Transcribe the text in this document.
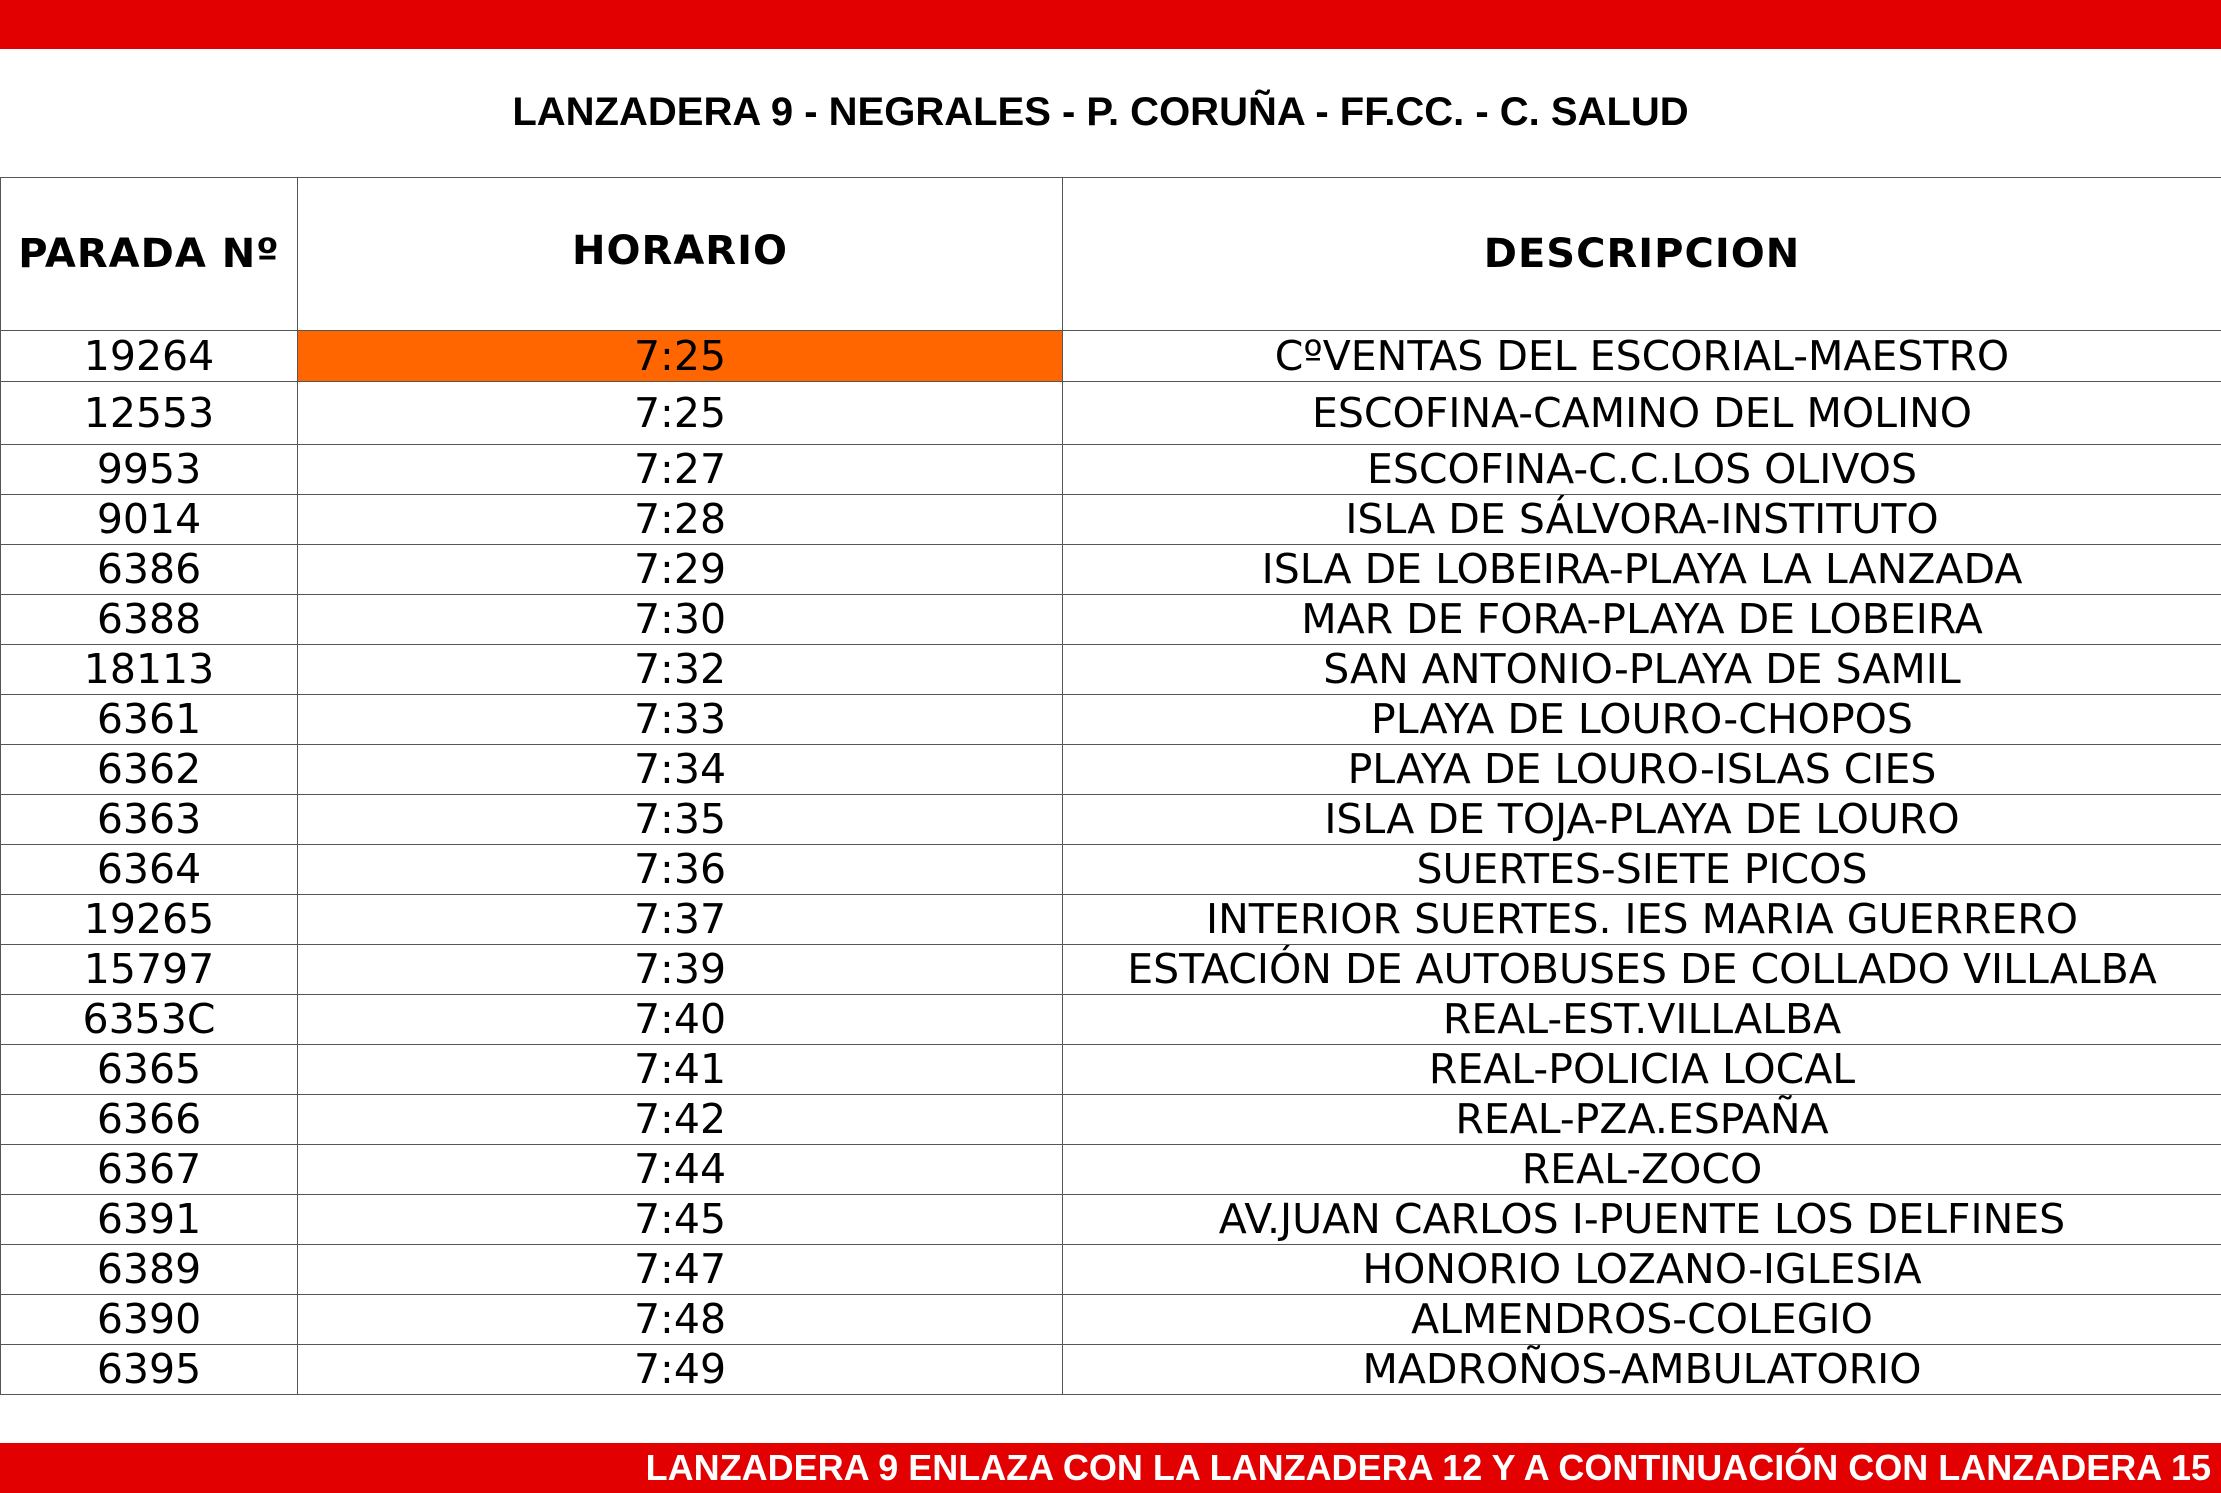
LANZADERA 9 - NEGRALES - P. CORUÑA - FF.CC. - C. SALUD
PARADA Nº	HORARIO	DESCRIPCION
19264	7:25	CºVENTAS DEL ESCORIAL-MAESTRO
12553	7:25	ESCOFINA-CAMINO DEL MOLINO
9953	7:27	ESCOFINA-C.C.LOS OLIVOS
9014	7:28	ISLA DE SÁLVORA-INSTITUTO
6386	7:29	ISLA DE LOBEIRA-PLAYA LA LANZADA
6388	7:30	MAR DE FORA-PLAYA DE LOBEIRA
18113	7:32	SAN ANTONIO-PLAYA DE SAMIL
6361	7:33	PLAYA DE LOURO-CHOPOS
6362	7:34	PLAYA DE LOURO-ISLAS CIES
6363	7:35	ISLA DE TOJA-PLAYA DE LOURO
6364	7:36	SUERTES-SIETE PICOS
19265	7:37	INTERIOR SUERTES. IES MARIA GUERRERO
15797	7:39	ESTACIÓN DE AUTOBUSES DE COLLADO VILLALBA
6353C	7:40	REAL-EST.VILLALBA
6365	7:41	REAL-POLICIA LOCAL
6366	7:42	REAL-PZA.ESPAÑA
6367	7:44	REAL-ZOCO
6391	7:45	AV.JUAN CARLOS I-PUENTE LOS DELFINES
6389	7:47	HONORIO LOZANO-IGLESIA
6390	7:48	ALMENDROS-COLEGIO
6395	7:49	MADROÑOS-AMBULATORIO
LANZADERA 9 ENLAZA CON LA LANZADERA 12 Y A CONTINUACIÓN CON LANZADERA 15
